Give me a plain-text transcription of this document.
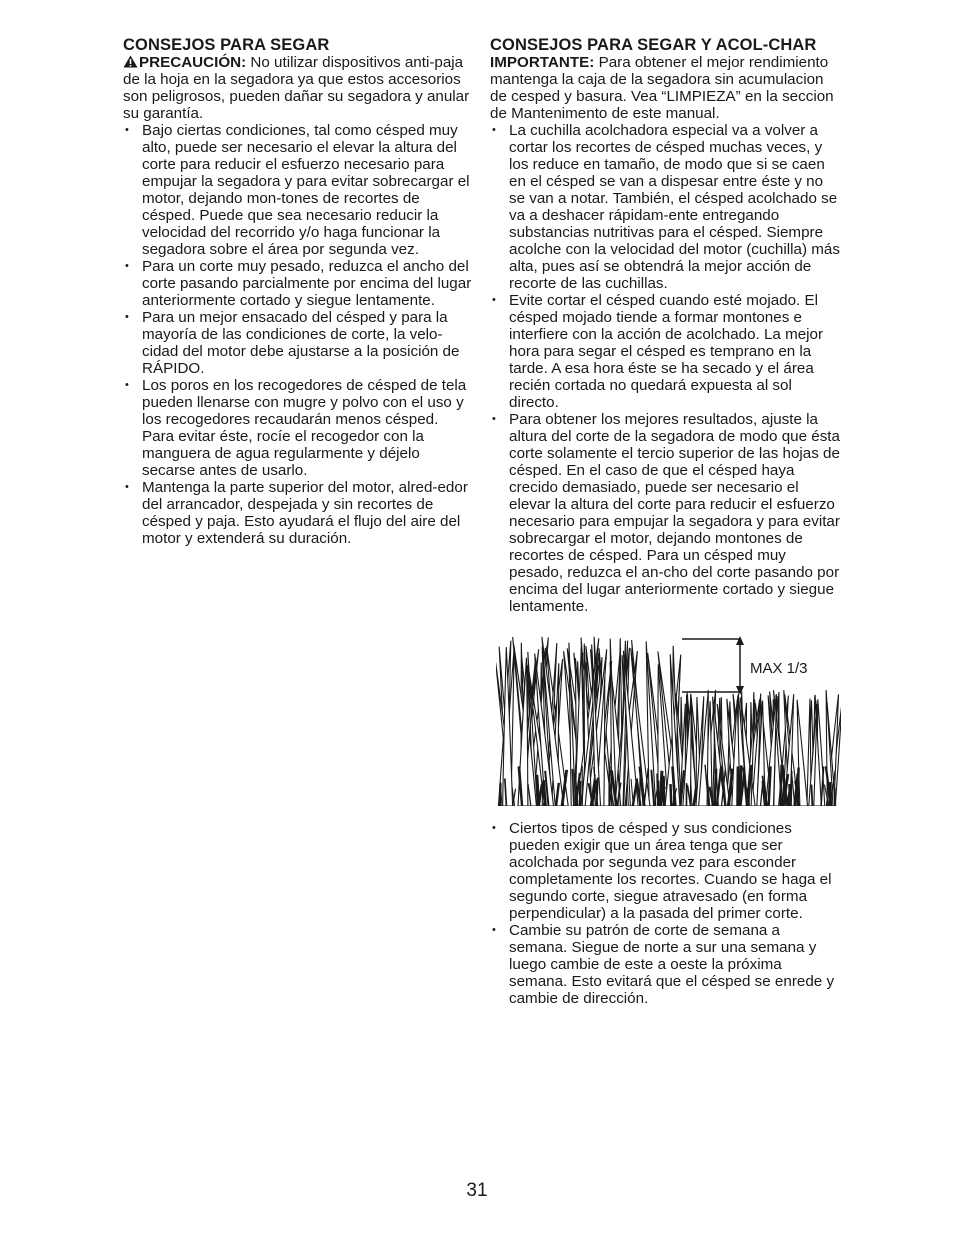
CONSEJOS PARA SEGAR

PRECAUCIÓN: No utilizar dispositivos anti-paja de la hoja en la segadora ya que estos accesorios son peligrosos, pueden dañar su segadora y anular su garantía.

• Bajo ciertas condiciones, tal como césped muy alto, puede ser necesario el elevar la altura del corte para reducir el esfuerzo necesario para empujar la segadora y para evitar sobrecargar el motor, dejando mon-tones de recortes de césped. Puede que sea necesario reducir la velocidad del recorrido y/o haga funcionar la segadora sobre el área por segunda vez.
• Para un corte muy pesado, reduzca el ancho del corte pasando parcialmente por encima del lugar anteriormente cortado y siegue lentamente.
• Para un mejor ensacado del césped y para la mayoría de las condiciones de corte, la velo-cidad del motor debe ajustarse a la posición de RÁPIDO.
• Los poros en los recogedores de césped de tela pueden llenarse con mugre y polvo con el uso y los recogedores recaudarán menos césped. Para evitar éste, rocíe el recogedor con la manguera de agua regularmente y déjelo secarse antes de usarlo.
• Mantenga la parte superior del motor, alred-edor del arrancador, despejada y sin recortes de césped y paja. Esto ayudará el flujo del aire del motor y extenderá su duración.
CONSEJOS PARA SEGAR Y ACOL-CHAR

IMPORTANTE: Para obtener el mejor rendimiento mantenga la caja de la segadora sin acumulacion de cesped y basura. Vea “LIMPIEZA” en la seccion de Mantenimento de este manual.

• La cuchilla acolchadora especial va a volver a cortar los recortes de césped muchas veces, y los reduce en tamaño, de modo que si se caen en el césped se van a dispesar entre éste y no se van a notar. También, el césped acolchado se va a deshacer rápidam-ente entregando substancias nutritivas para el césped. Siempre acolche con la velocidad del motor (cuchilla) más alta, pues así se obtendrá la mejor acción de recorte de las cuchillas.
• Evite cortar el césped cuando esté mojado. El césped mojado tiende a formar montones e interfiere con la acción de acolchado. La mejor hora para segar el césped es temprano en la tarde. A esa hora éste se ha secado y el área recién cortada no quedará expuesta al sol directo.
• Para obtener los mejores resultados, ajuste la altura del corte de la segadora de modo que ésta corte solamente el tercio superior de las hojas de césped. En el caso de que el césped haya crecido demasiado, puede ser necesario el elevar la altura del corte para reducir el esfuerzo necesario para empujar la segadora y para evitar sobrecargar el motor, dejando montones de recortes de césped. Para un césped muy pesado, reduzca el an-cho del corte pasando por encima del lugar anteriormente cortado y siegue lentamente.
MAX 1/3
• Ciertos tipos de césped y sus condiciones pueden exigir que un área tenga que ser acolchada por segunda vez para esconder completamente los recortes. Cuando se haga el segundo corte, siegue atravesado (en forma perpendicular) a la pasada del primer corte.
• Cambie su patrón de corte de semana a semana. Siegue de norte a sur una semana y luego cambie de este a oeste la próxima semana. Esto evitará que el césped se enrede y cambie de dirección.
31
